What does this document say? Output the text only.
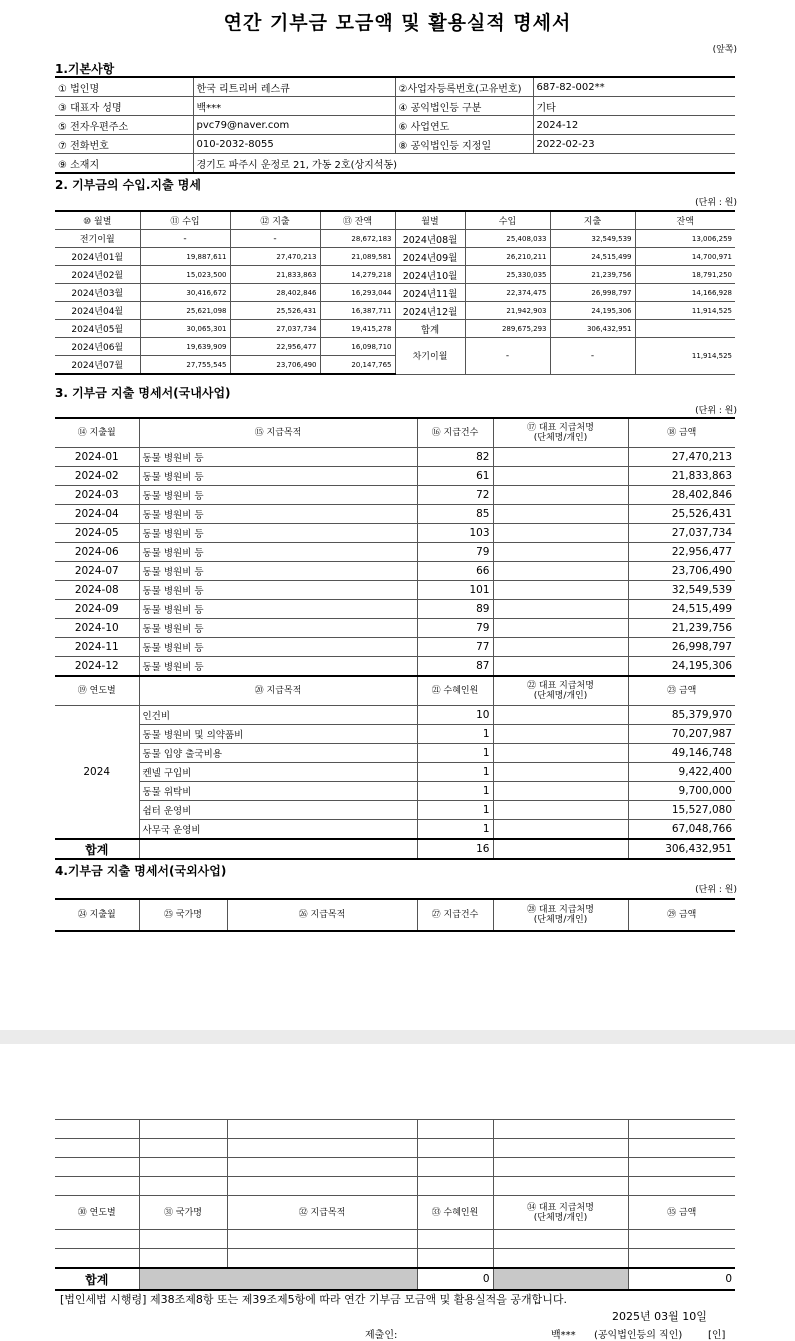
연간 기부금 모금액 및 활용실적 명세서
(앞쪽)
1.기본사항
① 법인명	한국 리트리버 레스큐	②사업자등록번호(고유번호)	687-82-002**
③ 대표자 성명	백***	④ 공익법인등 구분	기타
⑤ 전자우편주소	pvc79@naver.com	⑥ 사업연도	2024-12
⑦ 전화번호	010-2032-8055	⑧ 공익법인등 지정일	2022-02-23
⑨ 소재지	경기도 파주시 운정로 21, 가동 2호(상지석동)		
2. 기부금의 수입.지출 명세
(단위 : 원)
⑩ 월별	⑪ 수입	⑫ 지출	⑬ 잔액	월별	수입	지출	잔액
전기이월	-	-	28,672,183	2024년08월	25,408,033	32,549,539	13,006,259
2024년01월	19,887,611	27,470,213	21,089,581	2024년09월	26,210,211	24,515,499	14,700,971
2024년02월	15,023,500	21,833,863	14,279,218	2024년10월	25,330,035	21,239,756	18,791,250
2024년03월	30,416,672	28,402,846	16,293,044	2024년11월	22,374,475	26,998,797	14,166,928
2024년04월	25,621,098	25,526,431	16,387,711	2024년12월	21,942,903	24,195,306	11,914,525
2024년05월	30,065,301	27,037,734	19,415,278	합계	289,675,293	306,432,951	
2024년06월	19,639,909	22,956,477	16,098,710	차기이월	-	-	11,914,525
2024년07월	27,755,545	23,706,490	20,147,765				
3. 기부금 지출 명세서(국내사업)
(단위 : 원)
⑭ 지출월	⑮ 지급목적	⑯ 지급건수	⑰ 대표 지급처명
(단체명/개인)	⑱ 금액
2024-01	동물 병원비 등	82		27,470,213
2024-02	동물 병원비 등	61		21,833,863
2024-03	동물 병원비 등	72		28,402,846
2024-04	동물 병원비 등	85		25,526,431
2024-05	동물 병원비 등	103		27,037,734
2024-06	동물 병원비 등	79		22,956,477
2024-07	동물 병원비 등	66		23,706,490
2024-08	동물 병원비 등	101		32,549,539
2024-09	동물 병원비 등	89		24,515,499
2024-10	동물 병원비 등	79		21,239,756
2024-11	동물 병원비 등	77		26,998,797
2024-12	동물 병원비 등	87		24,195,306
⑲ 연도별	⑳ 지급목적	㉑ 수혜인원	㉒ 대표 지급처명
(단체명/개인)	㉓ 금액
2024	인건비	10		85,379,970
	동물 병원비 및 의약품비	1		70,207,987
	동물 입양 출국비용	1		49,146,748
	켄넬 구입비	1		9,422,400
	동물 위탁비	1		9,700,000
	쉼터 운영비	1		15,527,080
	사무국 운영비	1		67,048,766
합계		16		306,432,951
4.기부금 지출 명세서(국외사업)
(단위 : 원)
㉔ 지출월	㉕ 국가명	㉖ 지급목적	㉗ 지급건수	㉘ 대표 지급처명
(단체명/개인)	㉙ 금액

㉚ 연도별	㉛ 국가명	㉜ 지급목적	㉝ 수혜인원	㉞ 대표 지급처명
(단체명/개인)	㉟ 금액

합계			0		0
[법인세법 시행령] 제38조제8항 또는 제39조제5항에 따라 연간 기부금 모금액 및 활용실적을 공개합니다.
2025년 03월 10일
제출인:	백*** (공익법인등의 직인)	[인]
